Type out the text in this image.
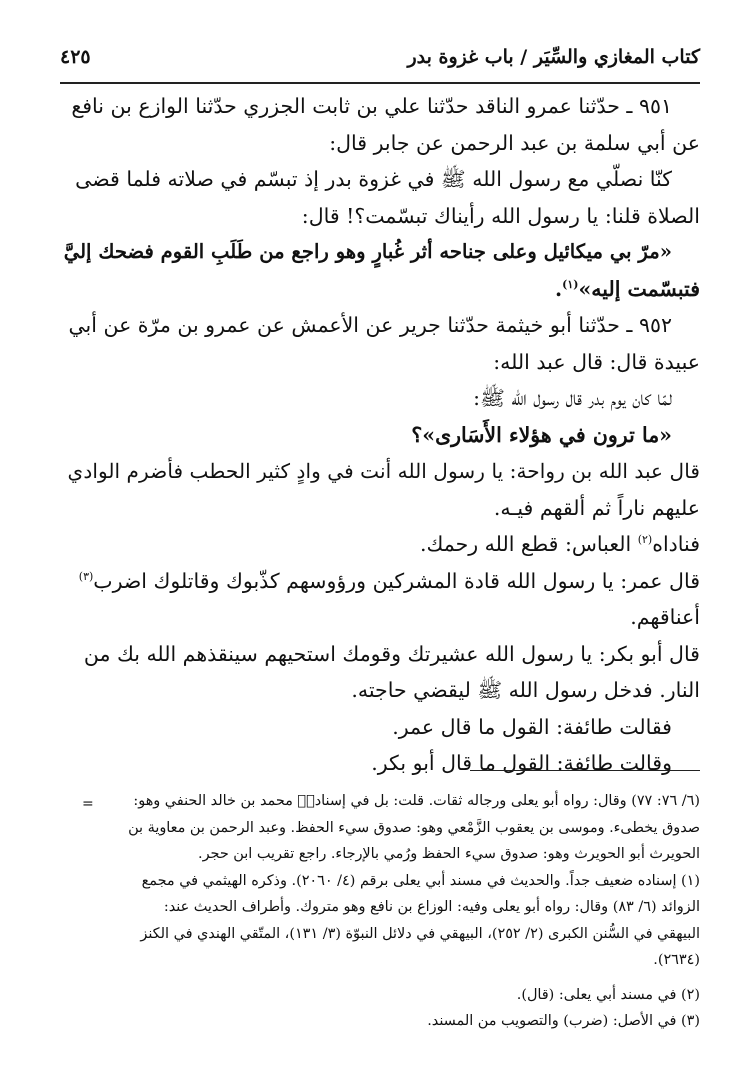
كتاب المغازي والسِّيَر / باب غزوة بدر
٤٢٥

٩٥١ ـ حدّثنا عمرو الناقد حدّثنا علي بن ثابت الجزري حدّثنا الوازع بن نافع
عن أبي سلمة بن عبد الرحمن عن جابر قال:
كنّا نصلّي مع رسول الله ﷺ في غزوة بدر إذ تبسّم في صلاته فلما قضى
الصلاة قلنا: يا رسول الله رأيناك تبسّمت؟! قال:
«مرّ بي ميكائيل وعلى جناحه أثر غُبارٍ وهو راجع من طَلَبِ القوم فضحك إليَّ
فتبسّمت إليه»$^{(١)}$.

٩٥٢ ـ حدّثنا أبو خيثمة حدّثنا جرير عن الأعمش عن عمرو بن مرّة عن أبي
عبيدة قال: قال عبد الله:
لمّا كان يوم بدر قال رسول الله ﷺ:
«ما ترون في هؤلاء الأَسَارى»؟
قال عبد الله بن رواحة: يا رسول الله أنت في وادٍ كثير الحطب فأضرم الوادي
عليهم ناراً ثم ألقهم فيـه.
فناداه$^{(٢)}$ العباس: قطع الله رحمك.
قال عمر: يا رسول الله قادة المشركين ورؤوسهم كذّبوك وقاتلوك اضرب$^{(٣)}$
أعناقهم.
قال أبو بكر: يا رسول الله عشيرتك وقومك استحيهم سينقذهم الله بك من
النار. فدخل رسول الله ﷺ ليقضي حاجته.
فقالت طائفة: القول ما قال عمر.
وقالت طائفة: القول ما قال أبو بكر.

=	(٦/ ٧٦: ٧٧) وقال: رواه أبو يعلى ورجاله ثقات. قلت: بل في إسنادهٖ محمد بن خالد الحنفي وهو:
صدوق يخطىء. وموسى بن يعقوب الزَّمْعي وهو: صدوق سيء الحفظ. وعبد الرحمن بن معاوية بن
الحويرث أبو الحويرث وهو: صدوق سيء الحفظ ورُمي بالإرجاء. راجع تقريب ابن حجر.

(١) إسناده ضعيف جداً. والحديث في مسند أبي يعلى برقم (٤/ ٢٠٦٠). وذكره الهيثمي في مجمع
الزوائد (٦/ ٨٣) وقال: رواه أبو يعلى وفيه: الوزاع بن نافع وهو متروك. وأطراف الحديث عند:
البيهقي في السُّنن الكبرى (٢/ ٢٥٢)، البيهقي في دلائل النبوّة (٣/ ١٣١)، المتّقي الهندي في الكنز
(٢٦٣٤).

(٢) في مسند أبي يعلى: (قال).

(٣) في الأصل: (ضرب) والتصويب من المسند.
